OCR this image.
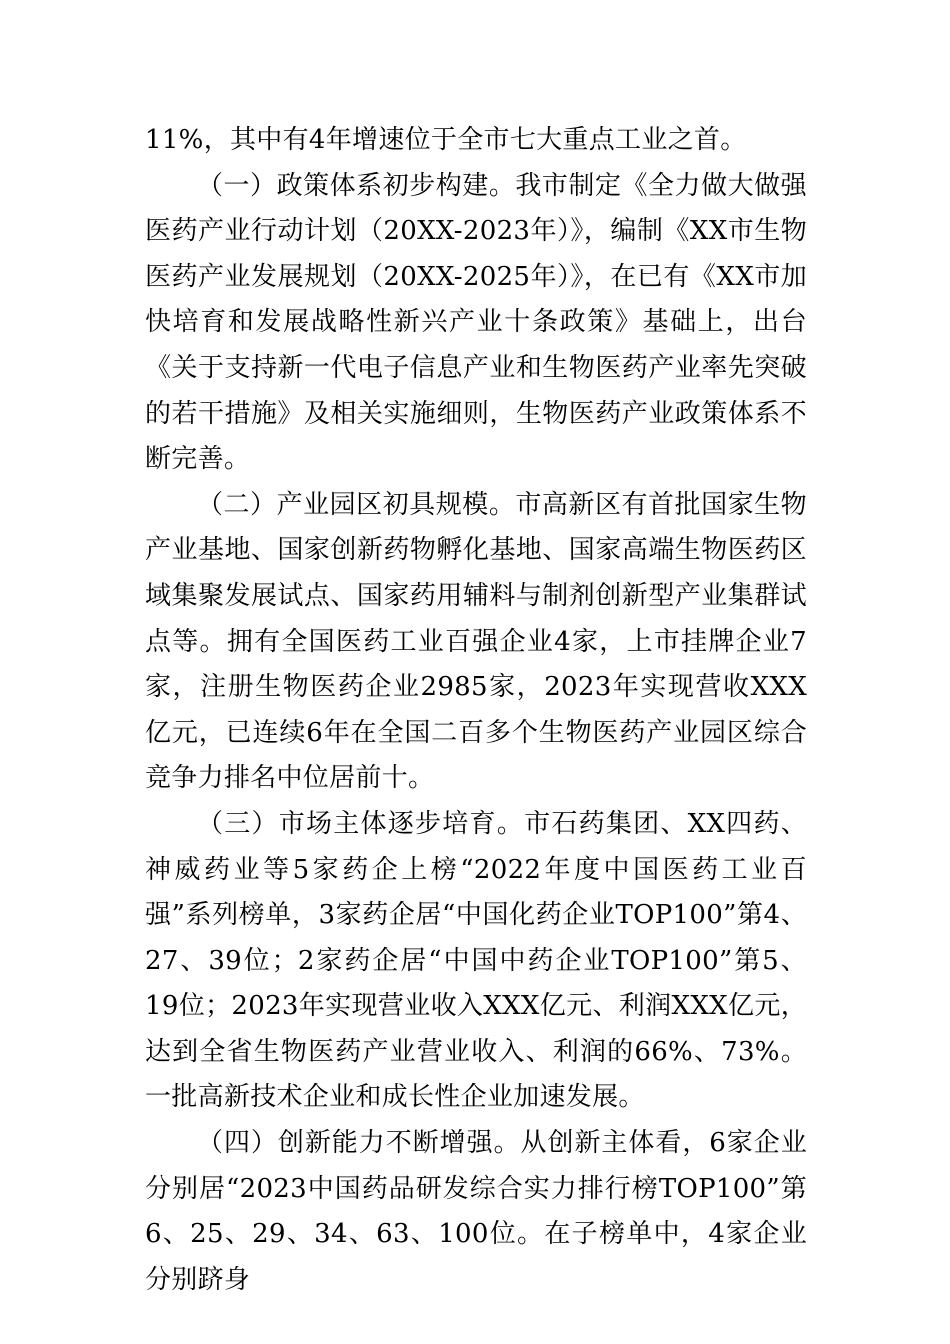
11%，其中有4年增速位于全市七大重点工业之首。

（一）政策体系初步构建。我市制定《全力做大做强医药产业行动计划（20XX-2023年）》，编制《XX市生物医药产业发展规划（20XX-2025年）》，在已有《XX市加快培育和发展战略性新兴产业十条政策》基础上，出台《关于支持新一代电子信息产业和生物医药产业率先突破的若干措施》及相关实施细则，生物医药产业政策体系不断完善。

（二）产业园区初具规模。市高新区有首批国家生物产业基地、国家创新药物孵化基地、国家高端生物医药区域集聚发展试点、国家药用辅料与制剂创新型产业集群试点等。拥有全国医药工业百强企业4家，上市挂牌企业7家，注册生物医药企业2985家，2023年实现营收XXX亿元，已连续6年在全国二百多个生物医药产业园区综合竞争力排名中位居前十。

（三）市场主体逐步培育。市石药集团、XX四药、神威药业等5家药企上榜“2022年度中国医药工业百强”系列榜单，3家药企居“中国化药企业TOP100”第4、27、39位；2家药企居“中国中药企业TOP100”第5、19位；2023年实现营业收入XXX亿元、利润XXX亿元，达到全省生物医药产业营业收入、利润的66%、73%。一批高新技术企业和成长性企业加速发展。

（四）创新能力不断增强。从创新主体看，6家企业分别居“2023中国药品研发综合实力排行榜TOP100”第6、25、29、34、63、100位。在子榜单中，4家企业分别跻身
